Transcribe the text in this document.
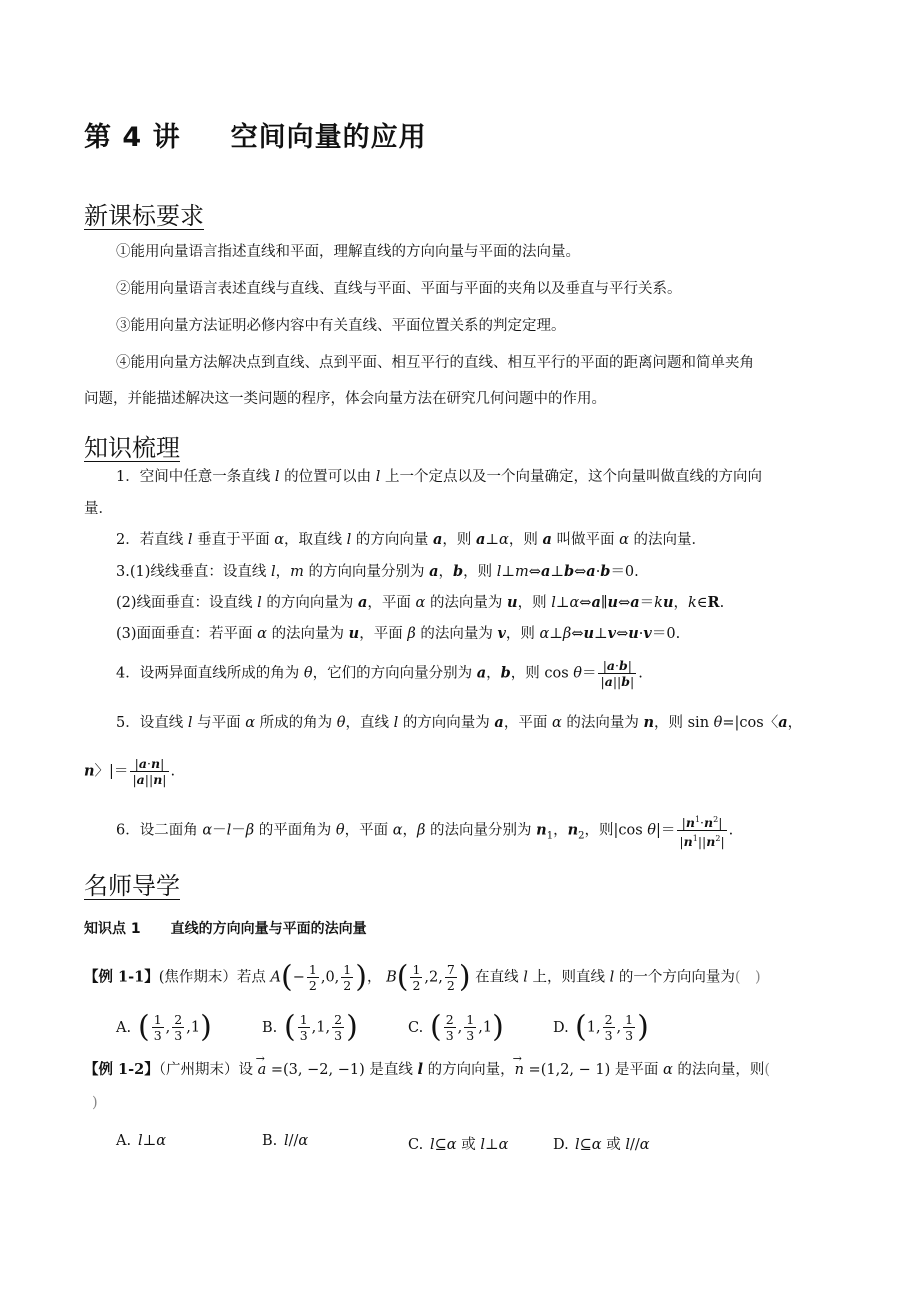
第 4 讲 空间向量的应用
新课标要求
①能用向量语言指述直线和平面，理解直线的方向向量与平面的法向量。
②能用向量语言表述直线与直线、直线与平面、平面与平面的夹角以及垂直与平行关系。
③能用向量方法证明必修内容中有关直线、平面位置关系的判定定理。
④能用向量方法解决点到直线、点到平面、相互平行的直线、相互平行的平面的距离问题和简单夹角
问题，并能描述解决这一类问题的程序，体会向量方法在研究几何问题中的作用。
知识梳理
1．空间中任意一条直线 l 的位置可以由 l 上一个定点以及一个向量确定，这个向量叫做直线的方向向
量．
2．若直线 l 垂直于平面 α，取直线 l 的方向向量 a，则 a⊥α，则 a 叫做平面 α 的法向量．
3.(1)线线垂直：设直线 l，m 的方向向量分别为 a，b，则 l⊥m⇔a⊥b⇔a·b＝0.
(2)线面垂直：设直线 l 的方向向量为 a，平面 α 的法向量为 u，则 l⊥α⇔a∥u⇔a＝ku，k∈R.
(3)面面垂直：若平面 α 的法向量为 u，平面 β 的法向量为 v，则 α⊥β⇔u⊥v⇔u·v＝0.
4．设两异面直线所成的角为 θ，它们的方向向量分别为 a，b，则 $\cos \theta= \frac{|a\cdot b|}{|a||b|}$ .
5．设直线 l 与平面 α 所成的角为 θ，直线 l 的方向向量为 a，平面 α 的法向量为 n，则 sin θ=|cos〈a，
n〉|＝ $\frac{|a\cdot n|}{|a||n|}$ .
6．设二面角 α－l－β 的平面角为 θ，平面 α，β 的法向量分别为 $n_1$，$n_2$，则|cos $\theta|= \frac{|n^1\cdot n^2|}{|n^1||n^2|}$ .
名师导学
知识点 1 直线的方向向量与平面的法向量
【例 1-1】(焦作期末）若点 $A(- \frac{1}{2} ,0$, $\frac{1}{2}$ )， $B( \frac{1}{2} ,2$, $\frac{7}{2}$ ) 在直线 l 上，则直线 l 的一个方向向量为(　)
A. ( $\frac{1}{3}$ , $\frac{2}{3} ,1$)	B. ( $\frac{1}{3} ,1$, $\frac{2}{3}$ )	C. ( $\frac{2}{3}$ , $\frac{1}{3} ,1$)	D. (1, $\frac{2}{3}$ , $\frac{1}{3}$ )
【例 1-2】（广州期末）设 → a =(3, −2, −1) 是直线 l 的方向向量，→ n =(1,2, − 1) 是平面 α 的法向量，则(
)
A. l⊥α	B. l//α	C. l⊆α 或 l⊥α	D. l⊆α 或 l//α
